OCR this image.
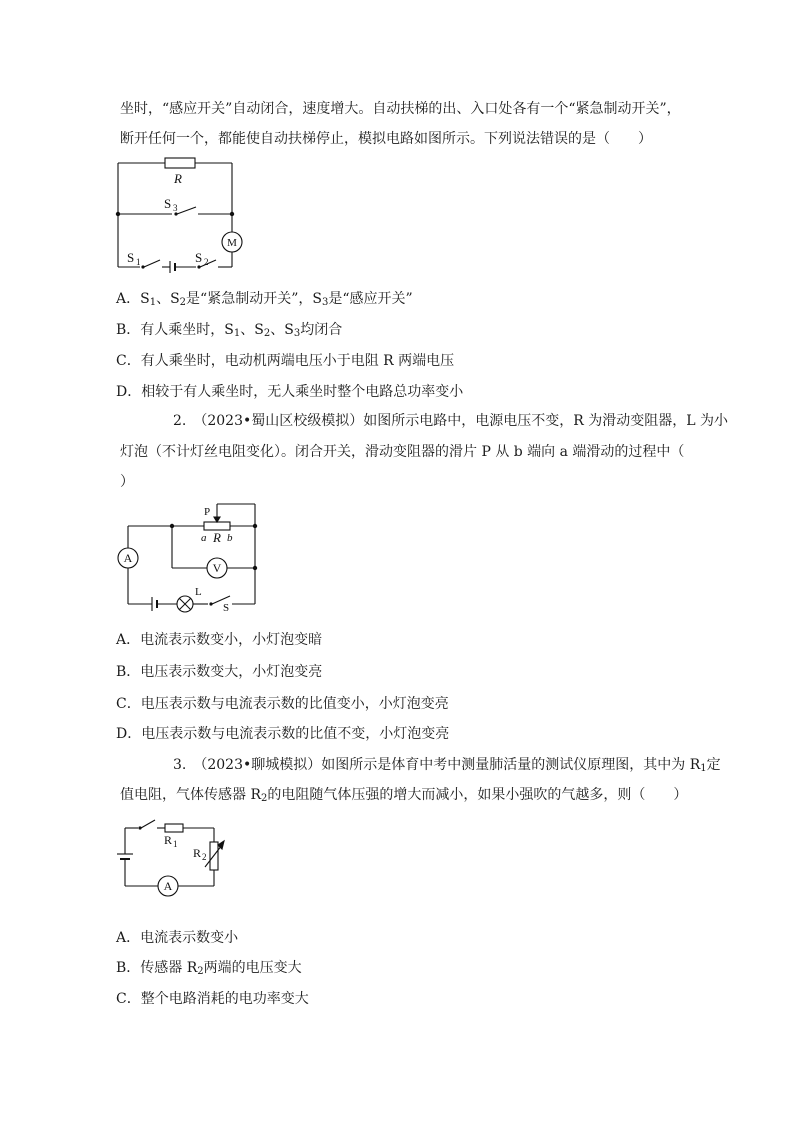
坐时，“感应开关”自动闭合，速度增大。自动扶梯的出、入口处各有一个“紧急制动开关”，
断开任何一个，都能使自动扶梯停止，模拟电路如图所示。下列说法错误的是（　　）
R
S 3
M
S 1	S 2
A．$S_1$、$S_2$是“紧急制动开关”，$S_3$是“感应开关”
B．有人乘坐时，$S_1$、$S_2$、$S_3$均闭合
C．有人乘坐时，电动机两端电压小于电阻 R 两端电压
D．相较于有人乘坐时，无人乘坐时整个电路总功率变小
2.　（2023•蜀山区校级模拟）如图所示电路中，电源电压不变，R 为滑动变阻器，L 为小
灯泡（不计灯丝电阻变化）。闭合开关，滑动变阻器的滑片 P 从 b 端向 a 端滑动的过程中（
）
P
a R b
A
V
L
S
A．电流表示数变小，小灯泡变暗
B．电压表示数变大，小灯泡变亮
C．电压表示数与电流表示数的比值变小，小灯泡变亮
D．电压表示数与电流表示数的比值不变，小灯泡变亮
3.　（2023•聊城模拟）如图所示是体育中考中测量肺活量的测试仪原理图，其中为 $R_1$定
值电阻，气体传感器 $R_2$的电阻随气体压强的增大而减小，如果小强吹的气越多，则（　　）
R 1
R 2
A
A．电流表示数变小
B．传感器 $R_2$两端的电压变大
C．整个电路消耗的电功率变大
